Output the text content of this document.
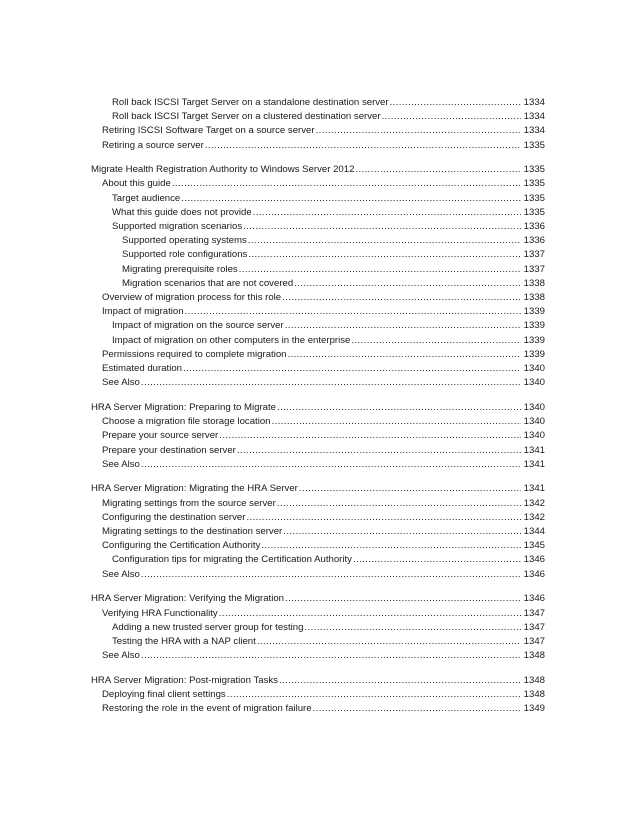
Roll back ISCSI Target Server on a standalone destination server .....	1334
Roll back ISCSI Target Server on a clustered destination server .....	1334
Retiring ISCSI Software Target on a source server .....	1334
Retiring a source server .....	1335
Migrate Health Registration Authority to Windows Server 2012 .....	1335
About this guide .....	1335
Target audience .....	1335
What this guide does not provide .....	1335
Supported migration scenarios .....	1336
Supported operating systems .....	1336
Supported role configurations .....	1337
Migrating prerequisite roles .....	1337
Migration scenarios that are not covered .....	1338
Overview of migration process for this role .....	1338
Impact of migration .....	1339
Impact of migration on the source server .....	1339
Impact of migration on other computers in the enterprise .....	1339
Permissions required to complete migration .....	1339
Estimated duration .....	1340
See Also .....	1340
HRA Server Migration: Preparing to Migrate .....	1340
Choose a migration file storage location .....	1340
Prepare your source server .....	1340
Prepare your destination server .....	1341
See Also .....	1341
HRA Server Migration: Migrating the HRA Server .....	1341
Migrating settings from the source server .....	1342
Configuring the destination server .....	1342
Migrating settings to the destination server .....	1344
Configuring the Certification Authority .....	1345
Configuration tips for migrating the Certification Authority .....	1346
See Also .....	1346
HRA Server Migration: Verifying the Migration .....	1346
Verifying HRA Functionality .....	1347
Adding a new trusted server group for testing .....	1347
Testing the HRA with a NAP client .....	1347
See Also .....	1348
HRA Server Migration: Post-migration Tasks .....	1348
Deploying final client settings .....	1348
Restoring the role in the event of migration failure .....	1349
